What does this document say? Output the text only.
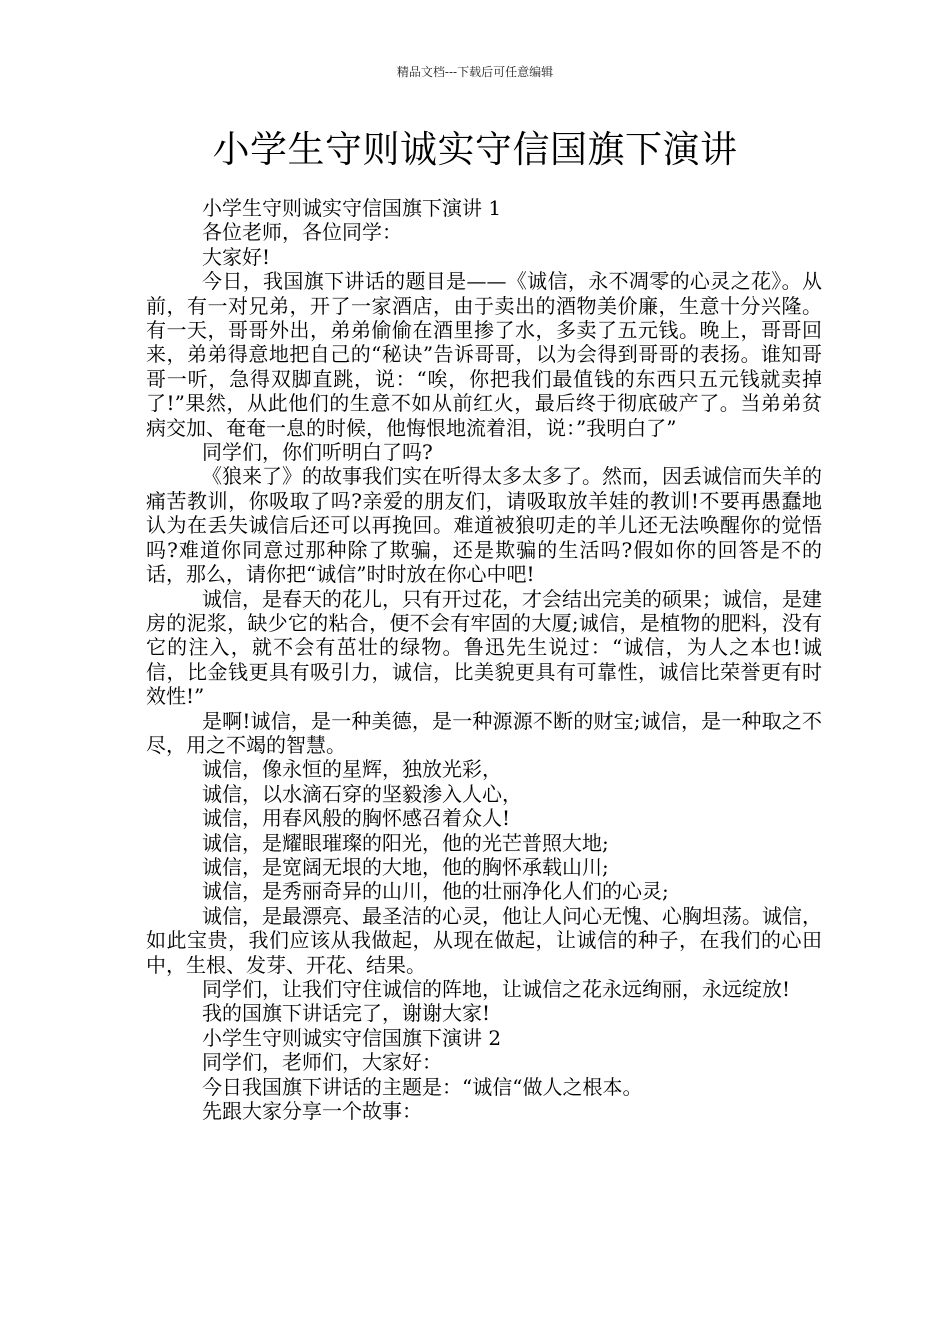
精品文档---下载后可任意编辑
小学生守则诚实守信国旗下演讲

小学生守则诚实守信国旗下演讲 1

各位老师，各位同学：

大家好!

今日，我国旗下讲话的题目是——《诚信，永不凋零的心灵之花》。从前，有一对兄弟，开了一家酒店，由于卖出的酒物美价廉，生意十分兴隆。有一天，哥哥外出，弟弟偷偷在酒里掺了水，多卖了五元钱。晚上，哥哥回来，弟弟得意地把自己的“秘诀”告诉哥哥，以为会得到哥哥的表扬。谁知哥哥一听，急得双脚直跳，说：“唉，你把我们最值钱的东西只五元钱就卖掉了!”果然，从此他们的生意不如从前红火，最后终于彻底破产了。当弟弟贫病交加、奄奄一息的时候，他悔恨地流着泪，说：”我明白了”

同学们，你们听明白了吗?

《狼来了》的故事我们实在听得太多太多了。然而，因丢诚信而失羊的痛苦教训，你吸取了吗?亲爱的朋友们，请吸取放羊娃的教训!不要再愚蠢地认为在丢失诚信后还可以再挽回。难道被狼叨走的羊儿还无法唤醒你的觉悟吗?难道你同意过那种除了欺骗，还是欺骗的生活吗?假如你的回答是不的话，那么，请你把“诚信”时时放在你心中吧!

诚信，是春天的花儿，只有开过花，才会结出完美的硕果；诚信，是建房的泥浆，缺少它的粘合，便不会有牢固的大厦;诚信，是植物的肥料，没有它的注入，就不会有茁壮的绿物。鲁迅先生说过：“诚信，为人之本也!诚信，比金钱更具有吸引力，诚信，比美貌更具有可靠性，诚信比荣誉更有时效性!”

是啊!诚信，是一种美德，是一种源源不断的财宝;诚信，是一种取之不尽，用之不竭的智慧。

诚信，像永恒的星辉，独放光彩，

诚信，以水滴石穿的坚毅渗入人心，

诚信，用春风般的胸怀感召着众人!

诚信，是耀眼璀璨的阳光，他的光芒普照大地;

诚信，是宽阔无垠的大地，他的胸怀承载山川;

诚信，是秀丽奇异的山川，他的壮丽净化人们的心灵;

诚信，是最漂亮、最圣洁的心灵，他让人问心无愧、心胸坦荡。诚信，如此宝贵，我们应该从我做起，从现在做起，让诚信的种子，在我们的心田中，生根、发芽、开花、结果。

同学们，让我们守住诚信的阵地，让诚信之花永远绚丽，永远绽放!

我的国旗下讲话完了，谢谢大家!

小学生守则诚实守信国旗下演讲 2

同学们，老师们，大家好：

今日我国旗下讲话的主题是：“诚信“做人之根本。

先跟大家分享一个故事：
